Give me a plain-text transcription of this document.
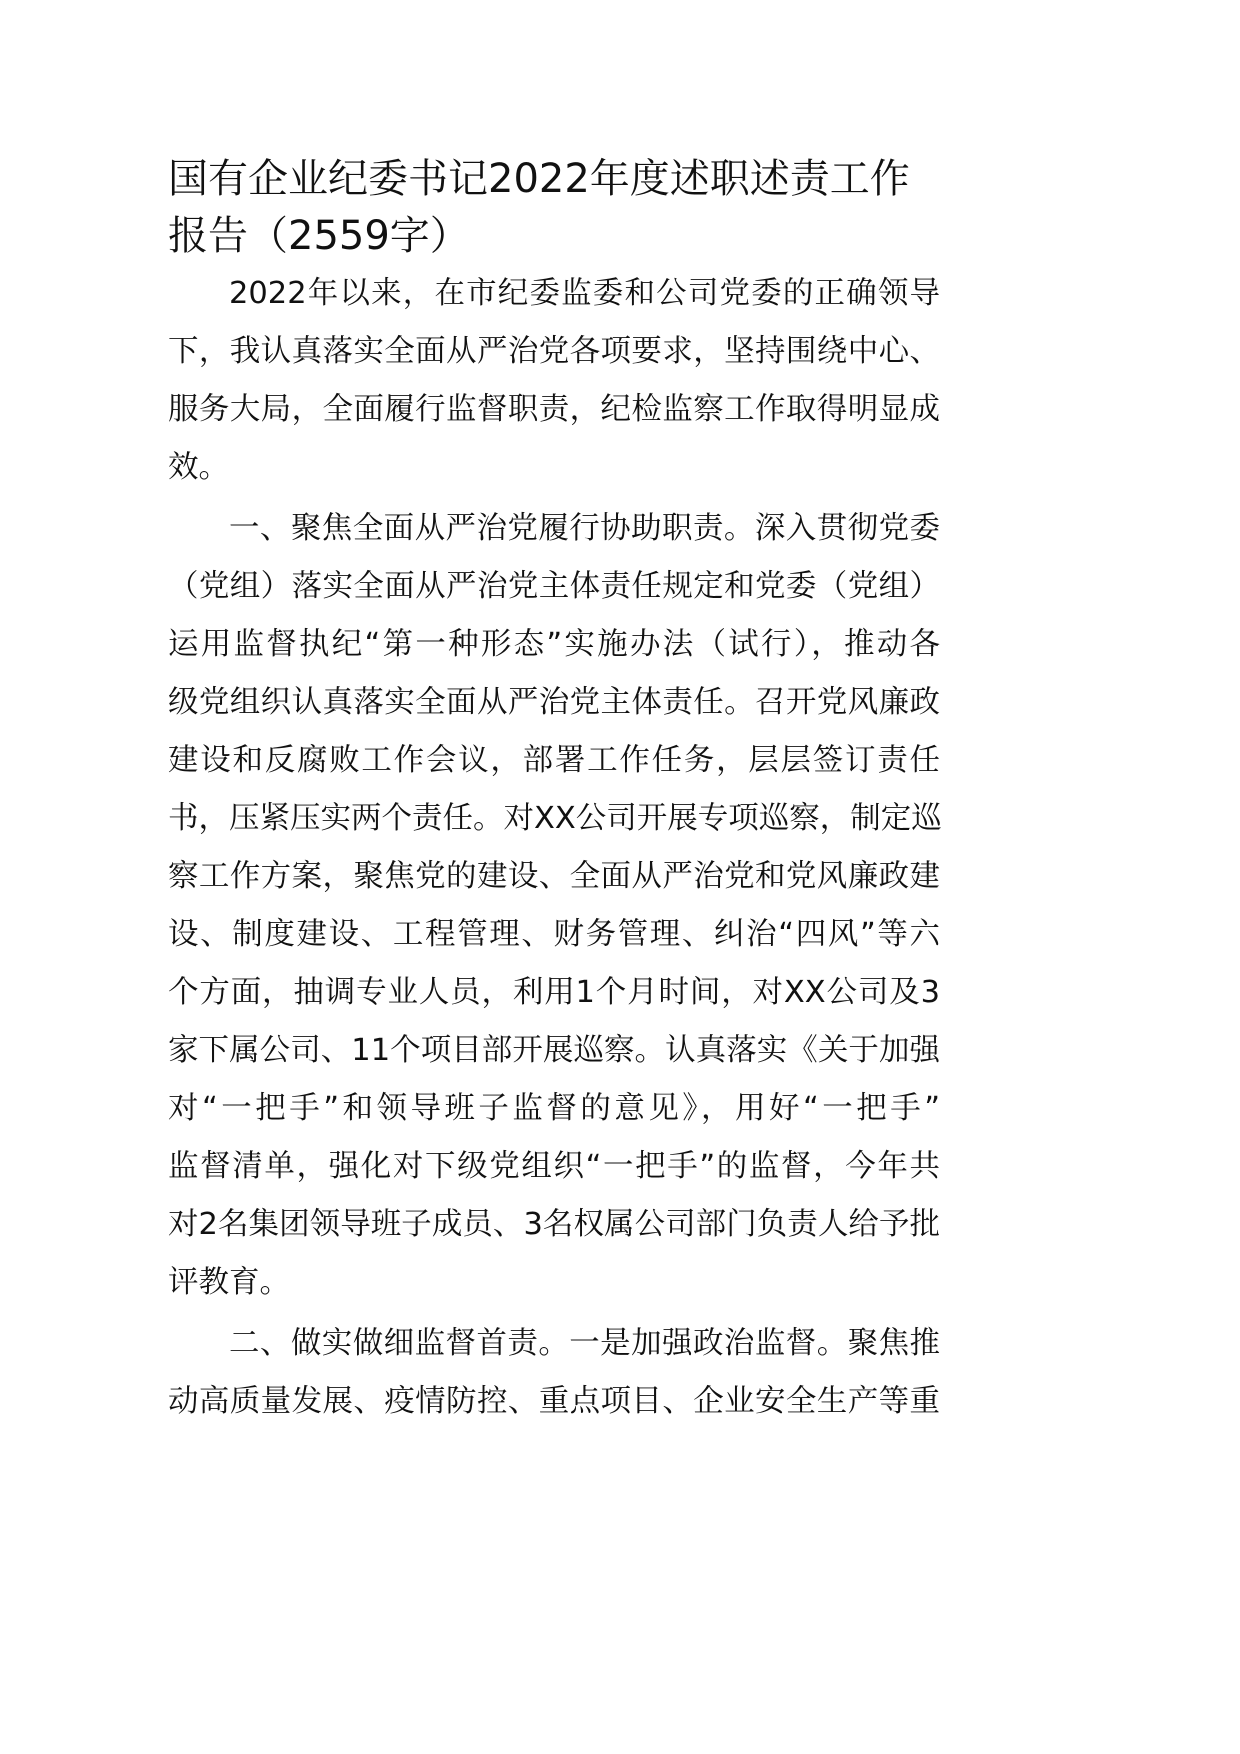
国有企业纪委书记2022年度述职述责工作
报告（2559字）
2022年以来，在市纪委监委和公司党委的正确领导
下，我认真落实全面从严治党各项要求，坚持围绕中心、
服务大局，全面履行监督职责，纪检监察工作取得明显成
效。
一、聚焦全面从严治党履行协助职责。深入贯彻党委
（党组）落实全面从严治党主体责任规定和党委（党组）
运用监督执纪“第一种形态”实施办法（试行），推动各
级党组织认真落实全面从严治党主体责任。召开党风廉政
建设和反腐败工作会议，部署工作任务，层层签订责任
书，压紧压实两个责任。对XX公司开展专项巡察，制定巡
察工作方案，聚焦党的建设、全面从严治党和党风廉政建
设、制度建设、工程管理、财务管理、纠治“四风”等六
个方面，抽调专业人员，利用1个月时间，对XX公司及3
家下属公司、11个项目部开展巡察。认真落实《关于加强
对“一把手”和领导班子监督的意见》，用好“一把手”
监督清单，强化对下级党组织“一把手”的监督，今年共
对2名集团领导班子成员、3名权属公司部门负责人给予批
评教育。
二、做实做细监督首责。一是加强政治监督。聚焦推
动高质量发展、疫情防控、重点项目、企业安全生产等重
